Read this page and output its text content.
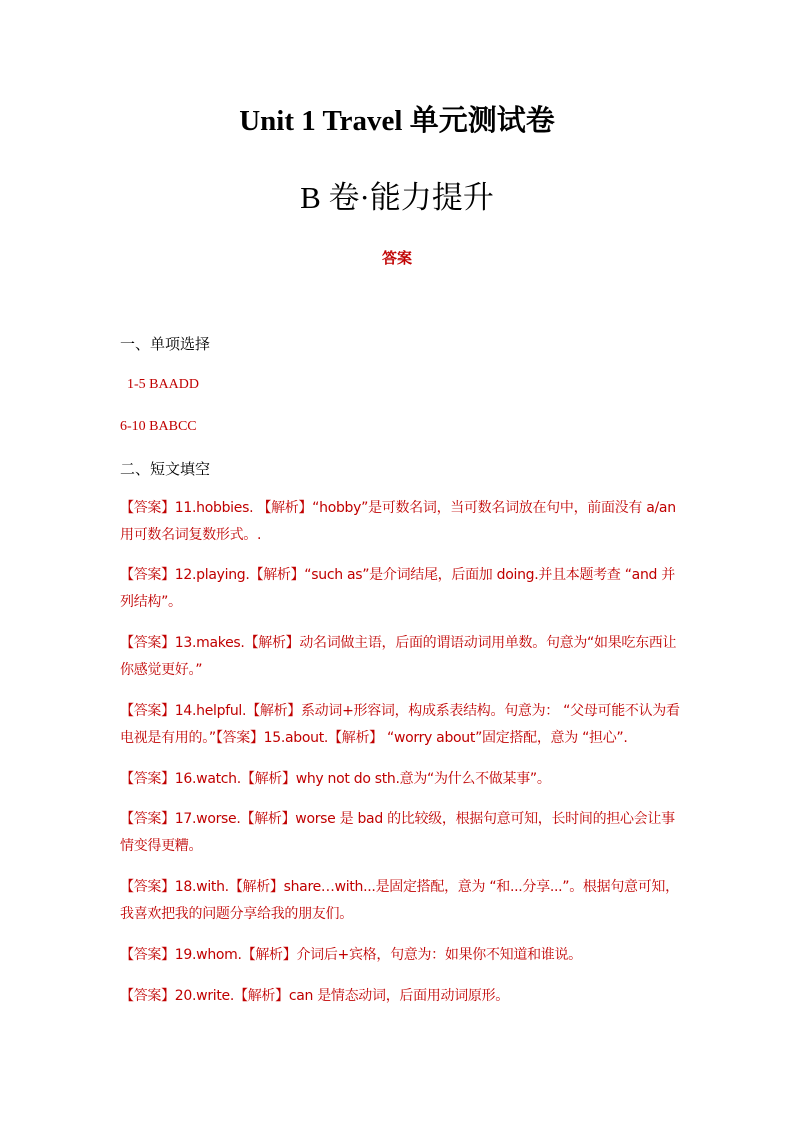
Unit 1 Travel 单元测试卷
B 卷·能力提升
答案
一、单项选择
1-5 BAADD
6-10 BABCC
二、短文填空
【答案】11.hobbies. 【解析】“hobby”是可数名词，当可数名词放在句中，前面没有 a/an 用可数名词复数形式。.
【答案】12.playing.【解析】“such as”是介词结尾，后面加 doing.并且本题考查 “and 并列结构”。
【答案】13.makes.【解析】动名词做主语，后面的谓语动词用单数。句意为“如果吃东西让你感觉更好。”
【答案】14.helpful.【解析】系动词+形容词，构成系表结构。句意为： “父母可能不认为看电视是有用的。”【答案】15.about.【解析】 “worry about”固定搭配，意为 “担心”.
【答案】16.watch.【解析】why not do sth.意为“为什么不做某事”。
【答案】17.worse.【解析】worse 是 bad 的比较级，根据句意可知，长时间的担心会让事情变得更糟。
【答案】18.with.【解析】share…with...是固定搭配，意为 “和...分享...”。根据句意可知，我喜欢把我的问题分享给我的朋友们。
【答案】19.whom.【解析】介词后+宾格，句意为：如果你不知道和谁说。
【答案】20.write.【解析】can 是情态动词，后面用动词原形。
